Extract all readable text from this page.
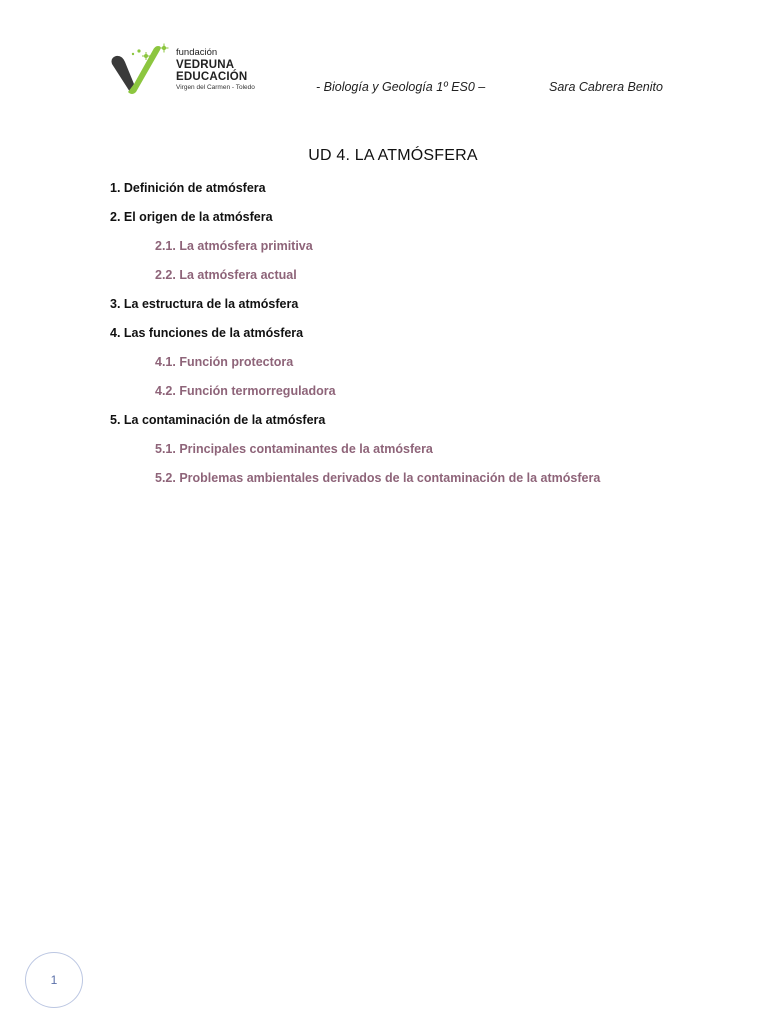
fundación
VEDRUNA
EDUCACIÓN
Virgen del Carmen - Toledo	- Biología y Geología 1º ES0 –	Sara Cabrera Benito
UD 4. LA ATMÓSFERA
1. Definición de atmósfera
2. El origen de la atmósfera
2.1. La atmósfera primitiva
2.2. La atmósfera actual
3. La estructura de la atmósfera
4. Las funciones de la atmósfera
4.1. Función protectora
4.2. Función termorreguladora
5. La contaminación de la atmósfera
5.1. Principales contaminantes de la atmósfera
5.2. Problemas ambientales derivados de la contaminación de la atmósfera
1
